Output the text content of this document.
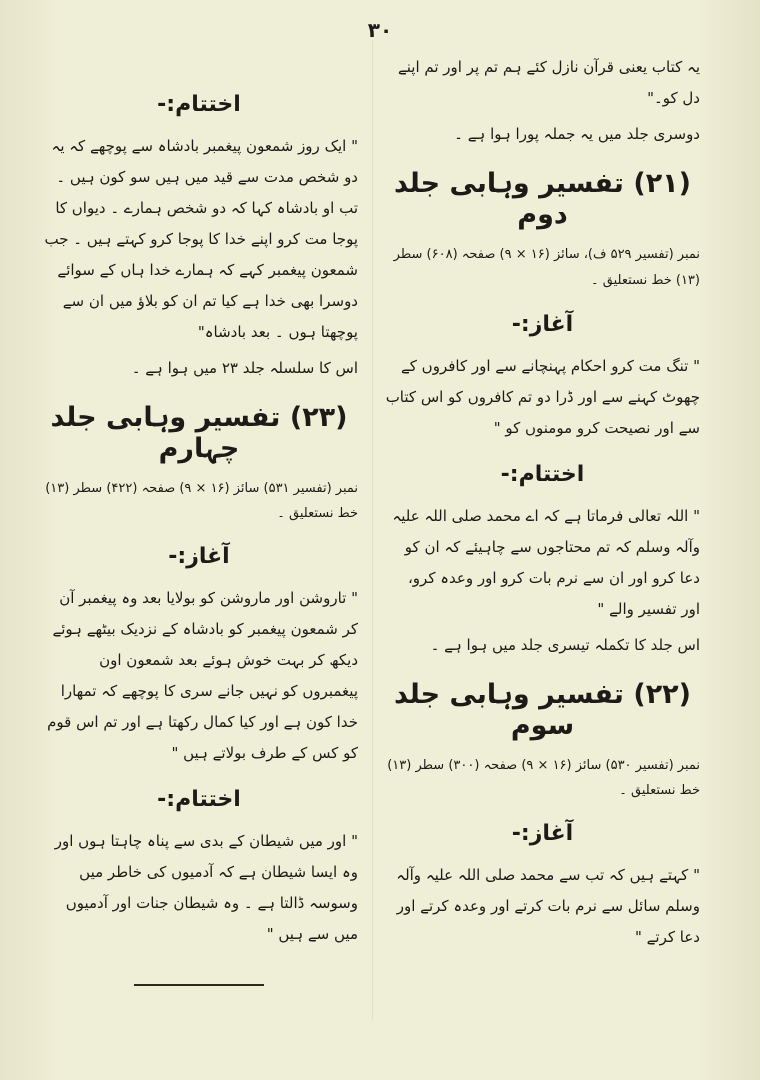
۳۰

یہ کتاب یعنی قرآن نازل کئے ہم تم پر اور تم اپنے دل کو۔"

دوسری جلد میں یہ جملہ پورا ہوا ہے ۔

(۲۱) تفسیر وہابی جلد دوم

نمبر (تفسیر ۵۲۹ ف)، سائز (۱۶ × ۹) صفحہ (۶۰۸) سطر (۱۳) خط نستعلیق ۔

آغاز:-

" تنگ مت کرو احکام پہنچانے سے اور کافروں کے چھوٹ کہنے سے اور ڈرا دو تم کافروں کو اس کتاب سے اور نصیحت کرو مومنوں کو "

اختتام:-

" اللہ تعالی فرماتا ہے کہ اے محمد صلی اللہ علیہ وآلہ وسلم کہ تم محتاجوں سے چاہیئے کہ ان کو دعا کرو اور ان سے نرم بات کرو اور وعدہ کرو، اور تفسیر والے "

اس جلد کا تکملہ تیسری جلد میں ہوا ہے ۔

(۲۲) تفسیر وہابی جلد سوم

نمبر (تفسیر ۵۳۰) سائز (۱۶ × ۹) صفحہ (۳۰۰) سطر (۱۳)

خط نستعلیق ۔

آغاز:-

" کہتے ہیں کہ تب سے محمد صلی اللہ علیہ وآلہ وسلم سائل سے نرم بات کرتے اور وعدہ کرتے اور دعا کرتے "

اختتام:-

" ایک روز شمعون پیغمبر بادشاہ سے پوچھے کہ یہ دو شخص مدت سے قید میں ہیں سو کون ہیں ۔ تب او بادشاہ کہا کہ دو شخص ہمارے ۔ دیواں کا پوجا مت کرو اپنے خدا کا پوجا کرو کہتے ہیں ۔ جب شمعون پیغمبر کہے کہ ہمارے خدا ہاں کے سوائے دوسرا بھی خدا ہے کیا تم ان کو بلاؤ میں ان سے پوچھتا ہوں ۔ بعد بادشاہ"

اس کا سلسلہ جلد ۲۳ میں ہوا ہے ۔

(۲۳) تفسیر وہابی جلد چہارم

نمبر (تفسیر ۵۳۱) سائز (۱۶ × ۹) صفحہ (۴۲۲) سطر (۱۳)

خط نستعلیق ۔

آغاز:-

" تاروشن اور ماروشن کو بولایا بعد وہ پیغمبر آن کر شمعون پیغمبر کو بادشاہ کے نزدیک بیٹھے ہوئے دیکھ کر بہت خوش ہوئے بعد شمعون اون پیغمبروں کو نہیں جانے سری کا پوچھے کہ تمھارا خدا کون ہے اور کیا کمال رکھتا ہے اور تم اس قوم کو کس کے طرف بولاتے ہیں "

اختتام:-

" اور میں شیطان کے بدی سے پناہ چاہتا ہوں اور وہ ایسا شیطان ہے کہ آدمیوں کی خاطر میں وسوسہ ڈالتا ہے ۔ وہ شیطان جنات اور آدمیوں میں سے ہیں "
